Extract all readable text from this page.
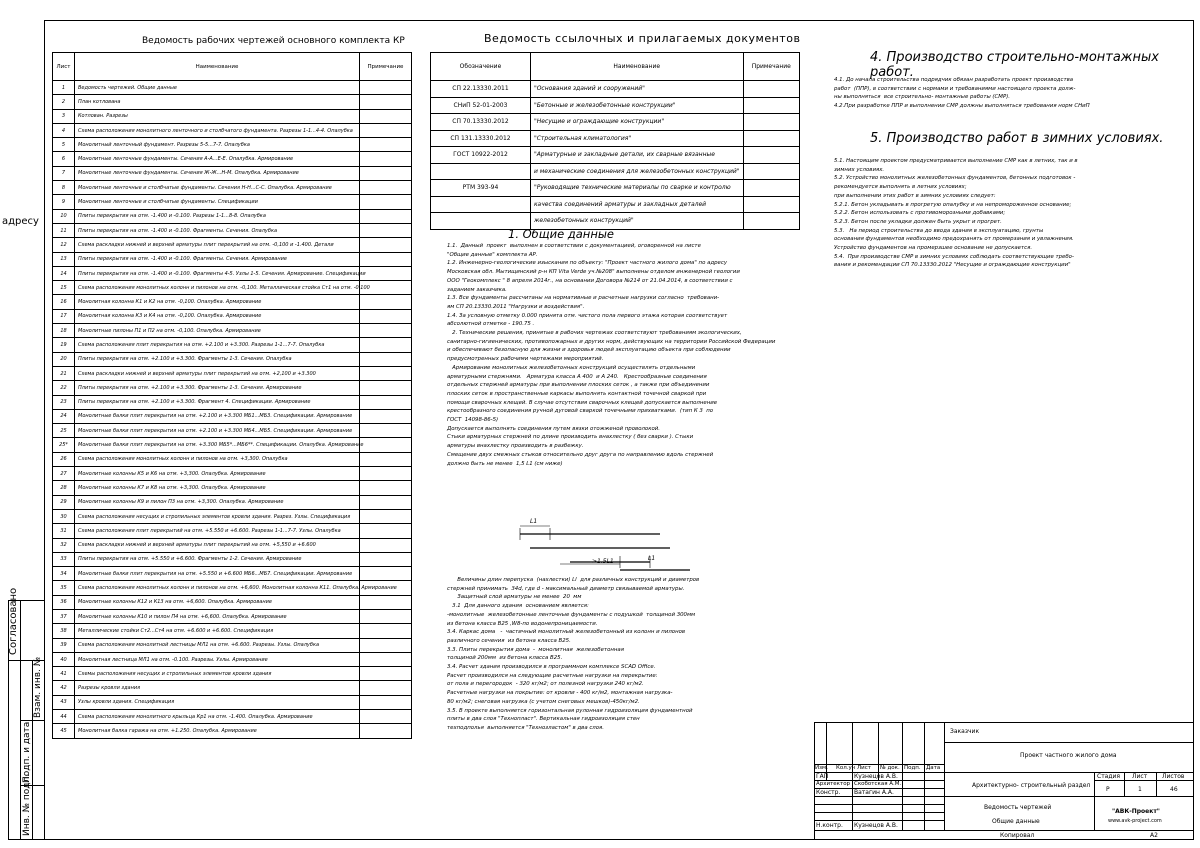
адресу
Согласовано
Взам. инв. №
Подп. и дата
Инв. № подл.
Ведомость рабочих чертежей основного комплекта КР
Лист	Наименование	Примечание
1	Ведомость чертежей. Общие данные	
2	План котлована	
3	Котлован. Разрезы	
4	Схема расположения монолитного ленточного и столбчатого фундамента. Разрезы 1-1...4-4. Опалубка	
5	Монолитный ленточный фундамент. Разрезы 5-5...7-7. Опалубка	
6	Монолитные ленточные фундаменты. Сечения А-А...Е-Е. Опалубка. Армирование	
7	Монолитные ленточные фундаменты. Сечения Ж-Ж...Н-М. Опалубка. Армирование	
8	Монолитные ленточные и столбчатые фундаменты. Сечения Н-Н...С-С. Опалубка. Армирование	
9	Монолитные ленточные и столбчатые фундаменты. Спецификации	
10	Плиты перекрытия на отм. -1.400 и -0.100. Разрезы 1-1...8-8. Опалубка	
11	Плиты перекрытия на отм. -1.400 и -0.100. Фрагменты. Сечения. Опалубка	
12	Схема раскладки нижней и верхней арматуры плит перекрытий на отм. -0,100 и -1.400. Детали	
13	Плиты перекрытия на отм. -1.400 и -0.100. Фрагменты. Сечения. Армирование	
14	Плиты перекрытия на отм. -1.400 и -0.100. Фрагменты 4-5. Узлы 1-5. Сечения. Армирование. Спецификации	
15	Схема расположения монолитных колонн и пилонов на отм. -0,100. Металлическая стойка Ст1 на отм. -0.100	
16	Монолитная колонна К1 и К2 на отм. -0,100. Опалубка. Армирование	
17	Монолитная колонна К3 и К4 на отм. -0,100. Опалубка. Армирование	
18	Монолитные пилоны П1 и П2 на отм. -0,100. Опалубка. Армирование	
19	Схема расположения плит перекрытия на отм. +2.100 и +3.300. Разрезы 1-1...7-7. Опалубка	
20	Плиты перекрытия на отм. +2.100 и +3.300. Фрагменты 1-3. Сечения. Опалубка	
21	Схема раскладки нижней и верхней арматуры плит перекрытий на отм. +2,100 и +3.300	
22	Плиты перекрытия на отм. +2.100 и +3.300. Фрагменты 1-3. Сечения. Армирование	
23	Плиты перекрытия на отм. +2.100 и +3.300. Фрагмент 4. Спецификации. Армирование	
24	Монолитные балки плит перекрытия на отм. +2.100 и +3.300 МБ1...МБ3. Спецификации. Армирование	
25	Монолитные балки плит перекрытия на отм. +2.100 и +3.300 МБ4...МБ5. Спецификации. Армирование	
25*	Монолитные балки плит перекрытия на отм. +3.300 МБ5*...МБ6**. Спецификации. Опалубка. Армирование	
26	Схема расположения монолитных колонн и пилонов на отм. +3,300. Опалубка	
27	Монолитные колонны К5 и К6 на отм. +3,300. Опалубка. Армирование	
28	Монолитные колонны К7 и К8 на отм. +3,300. Опалубка. Армирование	
29	Монолитные колонны К9 и пилон П3 на отм. +3,300. Опалубка. Армирование	
30	Схема расположения несущих и стропильных элементов кровли здания. Разрез. Узлы. Спецификация	
31	Схема расположения плит перекрытий на отм. +5.550 и +6.600. Разрезы 1-1...7-7. Узлы. Опалубка	
32	Схема раскладки нижней и верхней арматуры плит перекрытий на отм. +5,550 и +6.600	
33	Плиты перекрытия на отм. +5.550 и +6.600. Фрагменты 1-2. Сечения. Армирование	
34	Монолитные балки плит перекрытия на отм. +5.550 и +6.600 МБ6...МБ7. Спецификации. Армирование	
35	Схема расположения монолитных колонн и пилонов на отм. +6,600. Монолитная колонна К11. Опалубка. Армирование	
36	Монолитные колонны К12 и К13 на отм. +6,600. Опалубка. Армирование	
37	Монолитные колонны К10 и пилон П4 на отм. +6,600. Опалубка. Армирование	
38	Металлические стойки Ст2...Ст4 на отм. +6.600 и +6.600. Спецификация	
39	Схема расположения монолитной лестницы МЛ1 на отм. +6.600. Разрезы. Узлы. Опалубка	
40	Монолитная лестница МЛ1 на отм. -0.100. Разрезы. Узлы. Армирование	
41	Схемы расположения несущих и стропильных элементов кровли здания	
42	Разрезы кровли здания	
43	Узлы кровли здания. Спецификация	
44	Схема расположения монолитного крыльца Кр1 на отм. -1.400. Опалубка. Армирование	
45	Монолитная балка гаража на отм. +1.250. Опалубка. Армирование	
Ведомость ссылочных и прилагаемых документов
Обозначение	Наименование	Примечание
СП 22.13330.2011	"Основания зданий и сооружений"	
СНиП 52-01-2003	"Бетонные и железобетонные конструкции"	
СП 70.13330.2012	"Несущие и ограждающие конструкции"	
СП 131.13330.2012	"Строительная климатология"	
ГОСТ 10922-2012	"Арматурные и закладные детали, их сварные вязанные	
	и механические соединения для железобетонных конструкций"	
РТМ 393-94	"Руководящие технические материалы по сварке и контролю	
	качества соединений арматуры и закладных деталей	
	железобетонных конструкций"	
1. Общие данные
1.1.  Данный  проект  выполнен в соответствии с документацией, оговоренной на листе
"Общие данные" комплекта АР.
1.2. Инженерно-геологические изыскания по объекту: "Проект частного жилого дома" по адресу
Московская обл. Мытищинский р-н КП Vita Verde уч.№208" выполнены отделом инженерной геологии
ООО "Геокомплекс " 8 апреля 2014г., на основании Договора №214 от 21.04.2014, в соответствии с
заданием заказчика.
1.3. Все фундаменты рассчитаны на нормативные и расчетные нагрузки согласно  требовани-
ям СП 20.13330.2011 "Нагрузки и воздействия".
1.4. За условную отметку 0.000 принята отм. чистого пола первого этажа которая соответствует
абсолютной отметке - 190.75 .
2. Технические решения, принятые в рабочих чертежах соответствуют требованиям экологических,
санитарно-гигиенических, противопожарных и других норм, действующих на территории Российской Федерации
и обеспечивают безопасную для жизни и здоровья людей эксплуатацию объекта при соблюдении
предусмотренных рабочими чертежами мероприятий.
Армирование монолитных железобетонных конструкций осуществлять отдельными
арматурными стержнями.   Арматура класса А 400  и А 240.   Крестообразные соединения
отдельных стержней арматуры при выполнении плоских сеток , а также при объединении
плоских сеток в пространственные каркасы выполнять контактной точечной сваркой при
помощи сварочных клещей. В случае отсутствия сварочных клещей допускается выполнение
крестообразного соединения ручной дуговой сваркой точечными прихватками.  (тип К 3  по
ГОСТ  14098-86-5)
Допускается выполнять соединения путем вязки отожженой проволокой.
Стыки арматурных стержней по длине производить внахлестку ( без сварки ). Стыки
арматуры внахлестку производить в разбежку.
Смещение двух смежных стыков относительно друг друга по направлению вдоль стержней
должно быть не менее  1,5 L1 (см ниже)
L1
>1.5L1	L1
Величины длин перепуска  (нахлестки) Ll  для различных конструкций и диаметров
стержней принимать  34d, где d - максимальный диаметр связываемой арматуры.
Защитный слой арматуры не менее  20  мм
3.1  Для данного здания  основанием является:
-монолитные  железобетонные ленточные фундаменты с подушкой  толщиной 300мм
из бетона класса В25 ,W8-по водонепроницаемости.
3.4. Каркас дома   -  частичный монолитный железобетонный из колонн и пилонов
различного сечения  из бетона класса В25.
3.3. Плиты перекрытия дома  -  монолитная  железобетонная
толщиной 200мм  из бетона класса В25.
3.4. Расчет здания производился в программном комплексе SCAD Office.
Расчет производился на следующие расчетные нагрузки на перекрытие:
от пола и перегородок  - 320 кг/м2; от полезной нагрузки 240 кг/м2.
Расчетные нагрузки на покрытие: от кровли - 400 кг/м2, монтажная нагрузка-
80 кг/м2; снеговая нагрузка (с учетом снеговых мешков)-450кг/м2.
3.5. В проекте выполняется горизонтальная рулонная гидроизоляция фундаментной
плиты в два слоя "Технопласт". Вертикальная гидроизоляция стен
техподполья  выполняется "Технозластом" в два слоя.
4. Производство строительно-монтажных работ.
4.1. До начала строительства подрядчик обязан разработать проект производства
работ  (ППР), в соответствии с нормами и требованиями настоящего проекта долж-
ны выполняться  все строительно- монтажные работы (СМР).
4.2.При разработке ППР и выполнении СМР должны выполняться требования норм СНиП
5. Производство работ в зимних условиях.
5.1. Настоящим проектом предусматривается выполнение СМР как в летних, так и в
зимних условиях.
5.2. Устройство монолитных железобетонных фундаментов, бетонных подготовок -
рекомендуется выполнять в летних условиях;
при выполнении этих работ в зимних условиях следует:
5.2.1. Бетон укладывать в прогретую опалубку и на непромороженное основание;
5.2.2. Бетон использовать с противоморозными добавками;
5.2.3. Бетон после укладки должен быть укрыт и прогрет.
5.3.   На период строительства до ввода здания в эксплуатацию, грунты
основания фундаментов необходимо предохранять от промерзания и увлажнения.
Устройство фундаментов на промерзшее основание не допускается.
5.4.  При производстве СМР в зимних условиях соблюдать соответствующие требо-
вания и рекомендации СП 70.13330.2012 "Несущие и ограждающие конструкции"
Заказчик
Проект частного жилого дома
Архитектурно- строительный раздел
Изм. Кол.уч Лист № док. Подп. Дата
ГАП	Кузнецов А.В.
Архитектор Скоботская А.М.
Констр. Ватагин А.А.
Н.контр. Кузнецов А.В.
Стадия Лист Листов
Р	1	46
Ведомость чертежей
Общие данные
"АВК-Проект"
www.avk-project.com
Копировал	А2
